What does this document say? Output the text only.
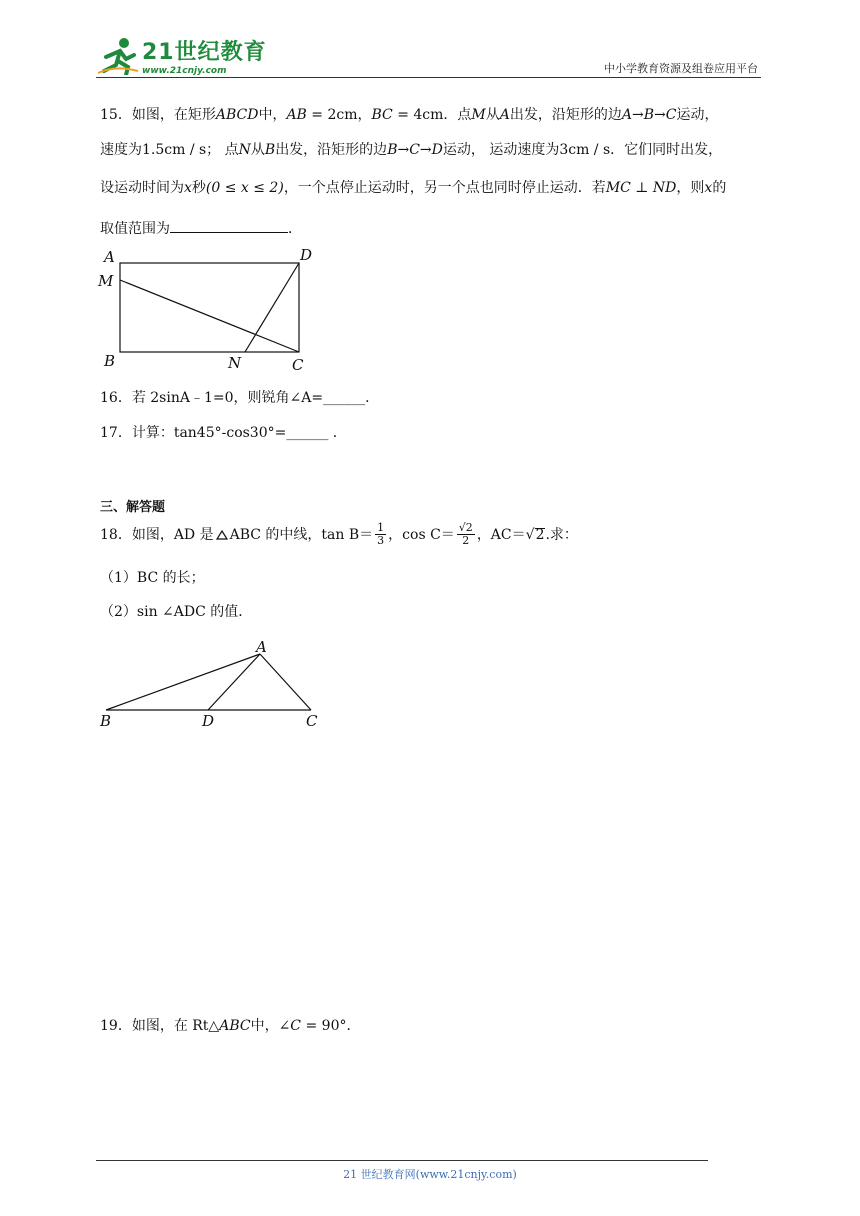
21世纪教育
www.21cnjy.com	中小学教育资源及组卷应用平台
15．如图，在矩形ABCD中，AB = 2cm，BC = 4cm．点M从A出发，沿矩形的边A→B→C运动，
速度为1.5cm / s； 点N从B出发，沿矩形的边B→C→D运动， 运动速度为3cm / s．它们同时出发，
设运动时间为x秒(0 ≤ x ≤ 2)，一个点停止运动时，另一个点也同时停止运动．若MC ⊥ ND，则x的
取值范围为	．
A
M
B	N	C
D
16．若 2sinA﹣1=0，则锐角∠A=______．
17．计算：tan45°-cos30°=______ ．
三、解答题
18．如图，AD 是 ABC 的中线，$\tan B= \frac{1}{3}$ ，$\cos C= \frac{√2}{2}$ ，AC＝ √ 2 .求：
（1）BC 的长；
（2）sin ∠ADC 的值．
A
B	D	C
19．如图，在 Rt△ABC中，∠C = 90°．
21 世纪教育网(www.21cnjy.com)
